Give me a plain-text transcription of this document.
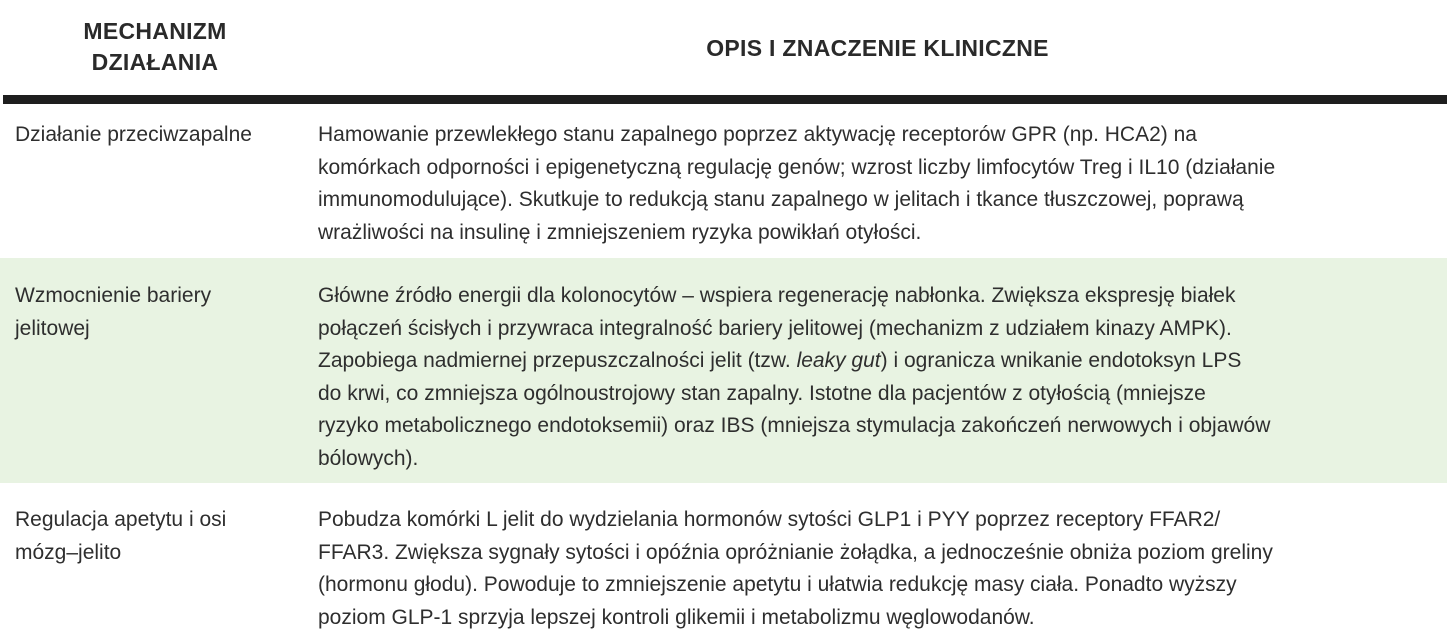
MECHANIZM
DZIAŁANIA
OPIS I ZNACZENIE KLINICZNE
Działanie przeciwzapalne	Hamowanie przewlekłego stanu zapalnego poprzez aktywację receptorów GPR (np. HCA2) na
komórkach odporności i epigenetyczną regulację genów; wzrost liczby limfocytów Treg i IL10 (działanie
immunomodulujące). Skutkuje to redukcją stanu zapalnego w jelitach i tkance tłuszczowej, poprawą
wrażliwości na insulinę i zmniejszeniem ryzyka powikłań otyłości.
Wzmocnienie bariery
jelitowej
Główne źródło energii dla kolonocytów – wspiera regenerację nabłonka. Zwiększa ekspresję białek
połączeń ścisłych i przywraca integralność bariery jelitowej (mechanizm z udziałem kinazy AMPK).
Zapobiega nadmiernej przepuszczalności jelit (tzw. leaky gut) i ogranicza wnikanie endotoksyn LPS
do krwi, co zmniejsza ogólnoustrojowy stan zapalny. Istotne dla pacjentów z otyłością (mniejsze
ryzyko metabolicznego endotoksemii) oraz IBS (mniejsza stymulacja zakończeń nerwowych i objawów
bólowych).
Regulacja apetytu i osi
mózg–jelito
Pobudza komórki L jelit do wydzielania hormonów sytości GLP1 i PYY poprzez receptory FFAR2/
FFAR3. Zwiększa sygnały sytości i opóźnia opróżnianie żołądka, a jednocześnie obniża poziom greliny
(hormonu głodu). Powoduje to zmniejszenie apetytu i ułatwia redukcję masy ciała. Ponadto wyższy
poziom GLP-1 sprzyja lepszej kontroli glikemii i metabolizmu węglowodanów.
